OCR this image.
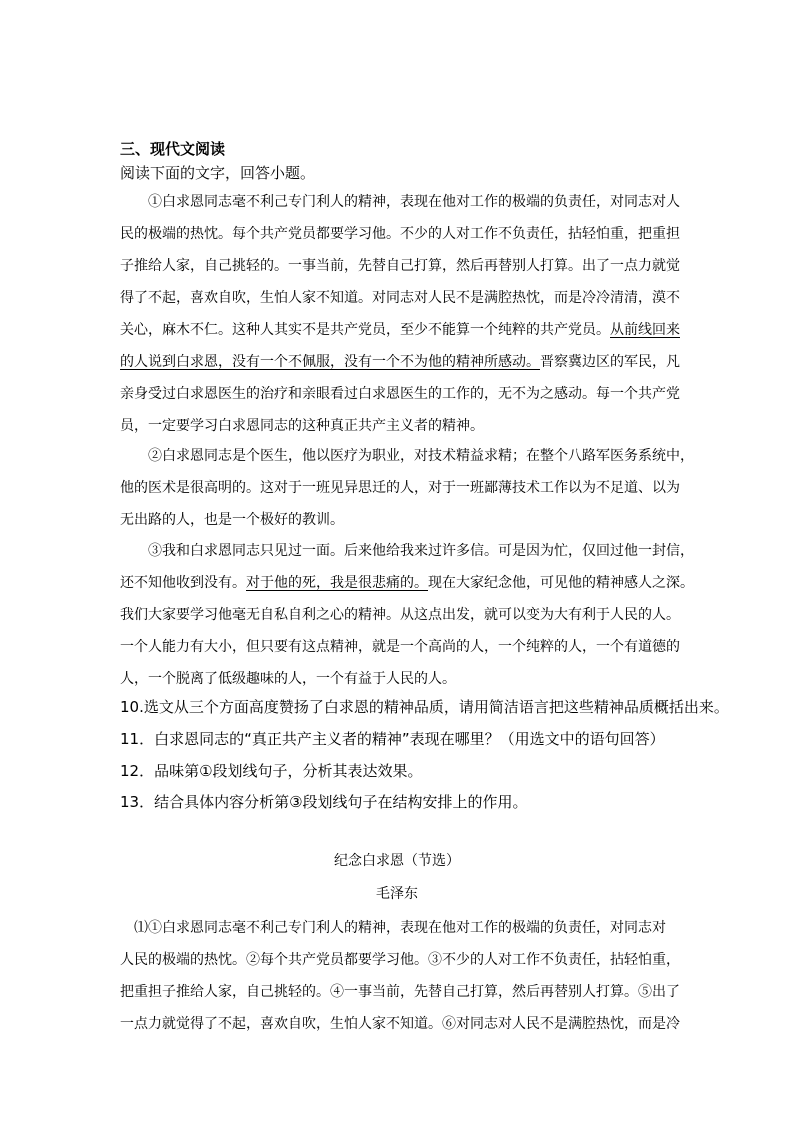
三、现代文阅读
阅读下面的文字，回答小题。
　　①白求恩同志毫不利己专门利人的精神，表现在他对工作的极端的负责任，对同志对人
民的极端的热忱。每个共产党员都要学习他。不少的人对工作不负责任，拈轻怕重，把重担
子推给人家，自己挑轻的。一事当前，先替自己打算，然后再替别人打算。出了一点力就觉
得了不起，喜欢自吹，生怕人家不知道。对同志对人民不是满腔热忱，而是冷冷清清，漠不
关心，麻木不仁。这种人其实不是共产党员，至少不能算一个纯粹的共产党员。从前线回来
的人说到白求恩，没有一个不佩服，没有一个不为他的精神所感动。晋察冀边区的军民，凡
亲身受过白求恩医生的治疗和亲眼看过白求恩医生的工作的，无不为之感动。每一个共产党
员，一定要学习白求恩同志的这种真正共产主义者的精神。
　　②白求恩同志是个医生，他以医疗为职业，对技术精益求精；在整个八路军医务系统中，
他的医术是很高明的。这对于一班见异思迁的人，对于一班鄙薄技术工作以为不足道、以为
无出路的人，也是一个极好的教训。
　　③我和白求恩同志只见过一面。后来他给我来过许多信。可是因为忙，仅回过他一封信，
还不知他收到没有。对于他的死，我是很悲痛的。现在大家纪念他，可见他的精神感人之深。
我们大家要学习他毫无自私自利之心的精神。从这点出发，就可以变为大有利于人民的人。
一个人能力有大小，但只要有这点精神，就是一个高尚的人，一个纯粹的人，一个有道德的
人，一个脱离了低级趣味的人，一个有益于人民的人。
10.选文从三个方面高度赞扬了白求恩的精神品质，请用简洁语言把这些精神品质概括出来。
11．白求恩同志的“真正共产主义者的精神”表现在哪里？（用选文中的语句回答）
12．品味第①段划线句子，分析其表达效果。
13．结合具体内容分析第③段划线句子在结构安排上的作用。
纪念白求恩（节选）
毛泽东
　⑴①白求恩同志毫不利己专门利人的精神，表现在他对工作的极端的负责任，对同志对
人民的极端的热忱。②每个共产党员都要学习他。③不少的人对工作不负责任，拈轻怕重，
把重担子推给人家，自己挑轻的。④一事当前，先替自己打算，然后再替别人打算。⑤出了
一点力就觉得了不起，喜欢自吹，生怕人家不知道。⑥对同志对人民不是满腔热忱，而是冷
